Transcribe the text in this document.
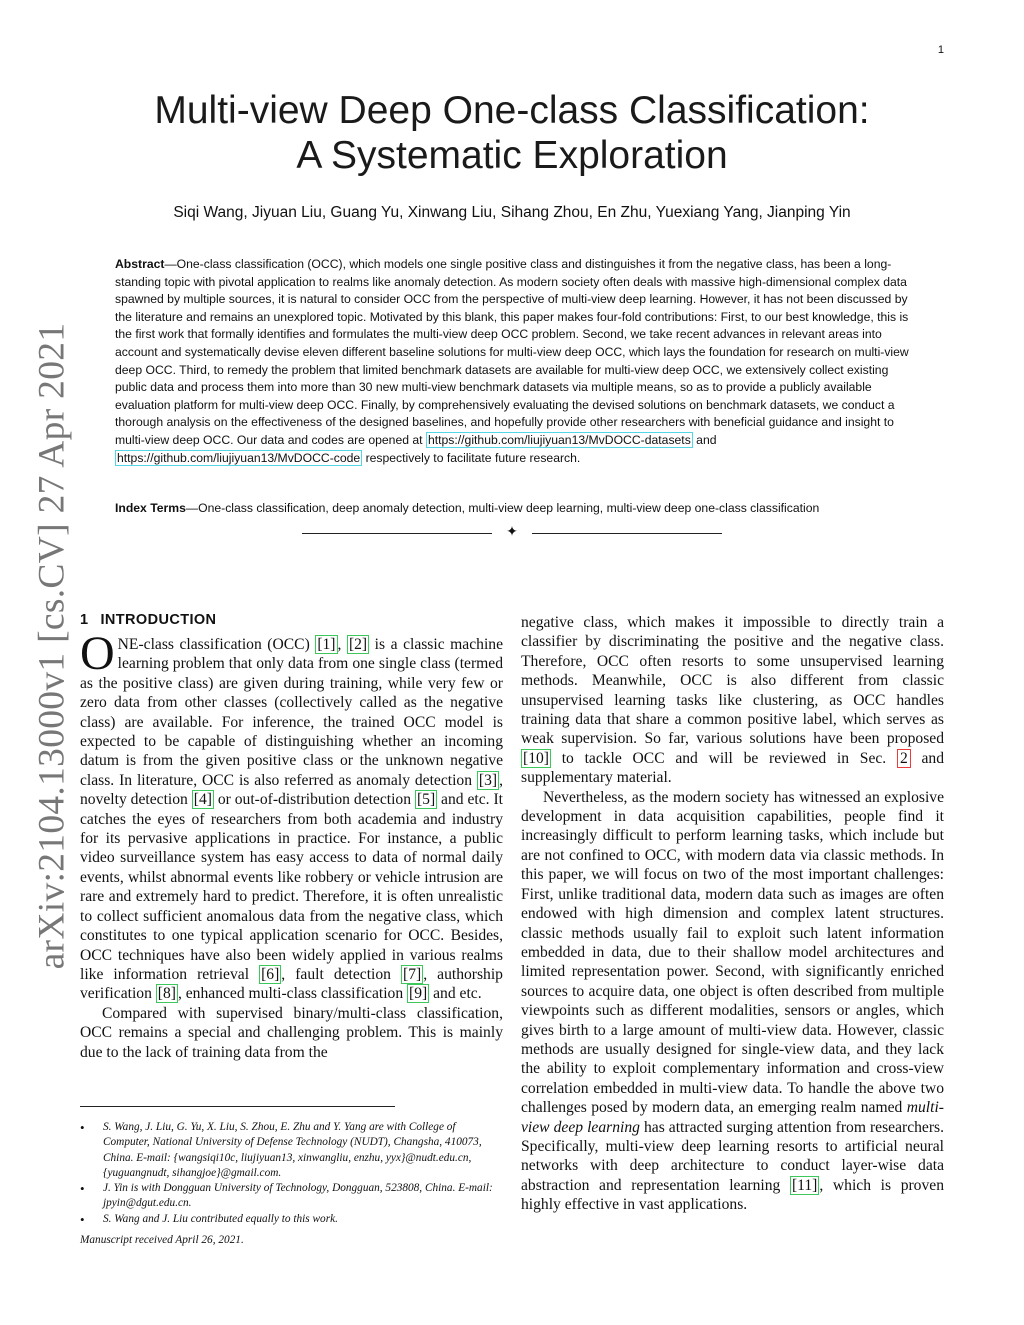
1
Multi-view Deep One-class Classification:
A Systematic Exploration
Siqi Wang, Jiyuan Liu, Guang Yu, Xinwang Liu, Sihang Zhou, En Zhu, Yuexiang Yang, Jianping Yin
Abstract—One-class classification (OCC), which models one single positive class and distinguishes it from the negative class, has been a long-standing topic with pivotal application to realms like anomaly detection. As modern society often deals with massive high-dimensional complex data spawned by multiple sources, it is natural to consider OCC from the perspective of multi-view deep learning. However, it has not been discussed by the literature and remains an unexplored topic. Motivated by this blank, this paper makes four-fold contributions: First, to our best knowledge, this is the first work that formally identifies and formulates the multi-view deep OCC problem. Second, we take recent advances in relevant areas into account and systematically devise eleven different baseline solutions for multi-view deep OCC, which lays the foundation for research on multi-view deep OCC. Third, to remedy the problem that limited benchmark datasets are available for multi-view deep OCC, we extensively collect existing public data and process them into more than 30 new multi-view benchmark datasets via multiple means, so as to provide a publicly available evaluation platform for multi-view deep OCC. Finally, by comprehensively evaluating the devised solutions on benchmark datasets, we conduct a thorough analysis on the effectiveness of the designed baselines, and hopefully provide other researchers with beneficial guidance and insight to multi-view deep OCC. Our data and codes are opened at https://github.com/liujiyuan13/MvDOCC-datasets and https://github.com/liujiyuan13/MvDOCC-code respectively to facilitate future research.
Index Terms—One-class classification, deep anomaly detection, multi-view deep learning, multi-view deep one-class classification
✦
arXiv:2104.13000v1 [cs.CV] 27 Apr 2021 1 INTRODUCTION

ONE-class classification (OCC) [1] , [2] is a classic machine learning problem that only data from one single class (termed as the positive class) are given during training, while very few or zero data from other classes (collectively called as the negative class) are available. For inference, the trained OCC model is expected to be capable of distinguishing whether an incoming datum is from the given positive class or the unknown negative class. In literature, OCC is also referred as anomaly detection [3] , novelty detection [4] or out-of-distribution detection [5] and etc. It catches the eyes of researchers from both academia and industry for its pervasive applications in practice. For instance, a public video surveillance system has easy access to data of normal daily events, whilst abnormal events like robbery or vehicle intrusion are rare and extremely hard to predict. Therefore, it is often unrealistic to collect sufficient anomalous data from the negative class, which constitutes to one typical application scenario for OCC. Besides, OCC techniques have also been widely applied in various realms like information retrieval [6] , fault detection [7] , authorship verification [8] , enhanced multi-class classification [9] and etc.

Compared with supervised binary/multi-class classification, OCC remains a special and challenging problem. This is mainly due to the lack of training data from the

negative class, which makes it impossible to directly train a classifier by discriminating the positive and the negative class. Therefore, OCC often resorts to some unsupervised learning methods. Meanwhile, OCC is also different from classic unsupervised learning tasks like clustering, as OCC handles training data that share a common positive label, which serves as weak supervision. So far, various solutions have been proposed [10] to tackle OCC and will be reviewed in Sec. 2 and supplementary material.

Nevertheless, as the modern society has witnessed an explosive development in data acquisition capabilities, people find it increasingly difficult to perform learning tasks, which include but are not confined to OCC, with modern data via classic methods. In this paper, we will focus on two of the most important challenges: First, unlike traditional data, modern data such as images are often endowed with high dimension and complex latent structures. classic methods usually fail to exploit such latent information embedded in data, due to their shallow model architectures and limited representation power. Second, with significantly enriched sources to acquire data, one object is often described from multiple viewpoints such as different modalities, sensors or angles, which gives birth to a large amount of multi-view data. However, classic methods are usually designed for single-view data, and they lack the ability to exploit complementary information and cross-view correlation embedded in multi-view data. To handle the above two challenges posed by modern data, an emerging realm named multi-view deep learning has attracted surging attention from researchers. Specifically, multi-view deep learning resorts to artificial neural networks with deep architecture to conduct layer-wise data abstraction and representation learning [11] , which is proven highly effective in vast applications.

• S. Wang, J. Liu, G. Yu, X. Liu, S. Zhou, E. Zhu and Y. Yang are with College of Computer, National University of Defense Technology (NUDT), Changsha, 410073, China. E-mail: {wangsiqi10c, liujiyuan13, xinwangliu, enzhu, yyx}@nudt.edu.cn, {yuguangnudt, sihangjoe}@gmail.com.
• J. Yin is with Dongguan University of Technology, Dongguan, 523808, China. E-mail: jpyin@dgut.edu.cn.
• S. Wang and J. Liu contributed equally to this work.
Manuscript received April 26, 2021.
